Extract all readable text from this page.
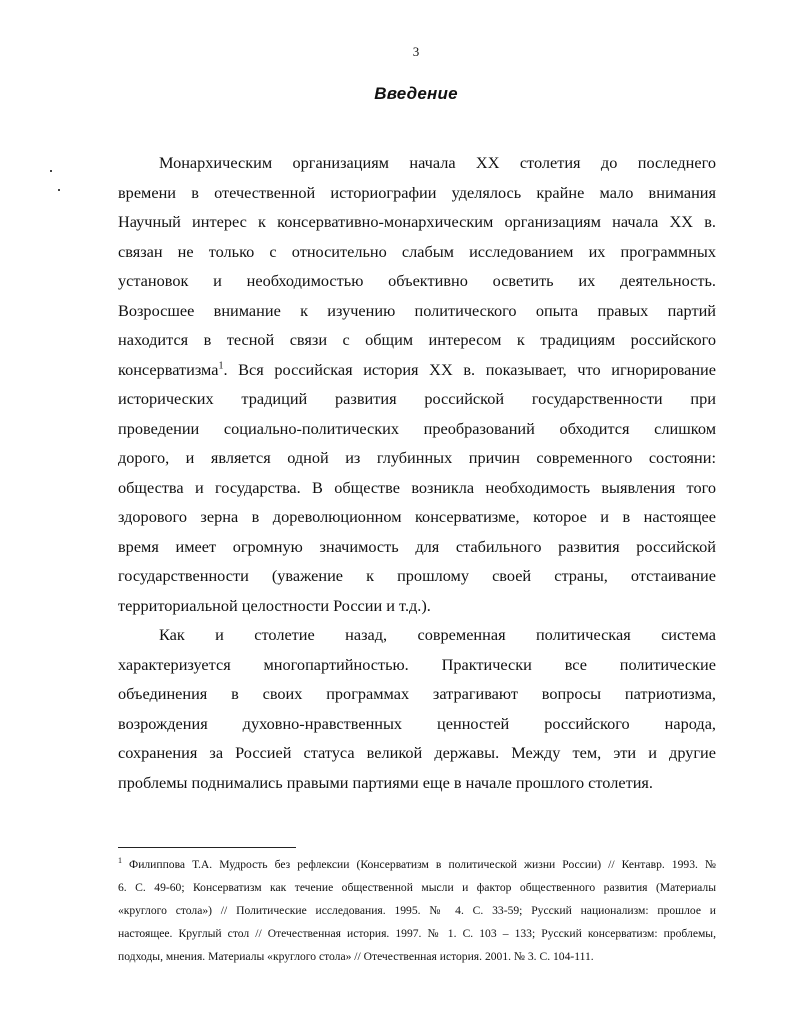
3
Введение
Монархическим организациям начала XX столетия до последнего
времени в отечественной историографии уделялось крайне мало внимания
Научный интерес к консервативно-монархическим организациям начала XX в.
связан не только с относительно слабым исследованием их программных
установок и необходимостью объективно осветить их деятельность.
Возросшее внимание к изучению политического опыта правых партий
находится в тесной связи с общим интересом к традициям российского
консерватизма$^1$. Вся российская история XX в. показывает, что игнорирование
исторических традиций развития российской государственности при
проведении социально-политических преобразований обходится слишком
дорого, и является одной из глубинных причин современного состояни:
общества и государства. В обществе возникла необходимость выявления того
здорового зерна в дореволюционном консерватизме, которое и в настоящее
время имеет огромную значимость для стабильного развития российской
государственности (уважение к прошлому своей страны, отстаивание
территориальной целостности России и т.д.).
Как и столетие назад, современная политическая система
характеризуется многопартийностью. Практически все политические
объединения в своих программах затрагивают вопросы патриотизма,
возрождения духовно-нравственных ценностей российского народа,
сохранения за Россией статуса великой державы. Между тем, эти и другие
проблемы поднимались правыми партиями еще в начале прошлого столетия.
$^1$ Филиппова Т.А. Мудрость без рефлексии (Консерватизм в политической жизни России) // Кентавр. 1993. №
6. С. 49-60; Консерватизм как течение общественной мысли и фактор общественного развития (Материалы
«круглого стола») // Политические исследования. 1995. № 4. С. 33-59; Русский национализм: прошлое и
настоящее. Круглый стол // Отечественная история. 1997. № 1. С. 103 – 133; Русский консерватизм: проблемы,
подходы, мнения. Материалы «круглого стола» // Отечественная история. 2001. № 3. С. 104-111.
